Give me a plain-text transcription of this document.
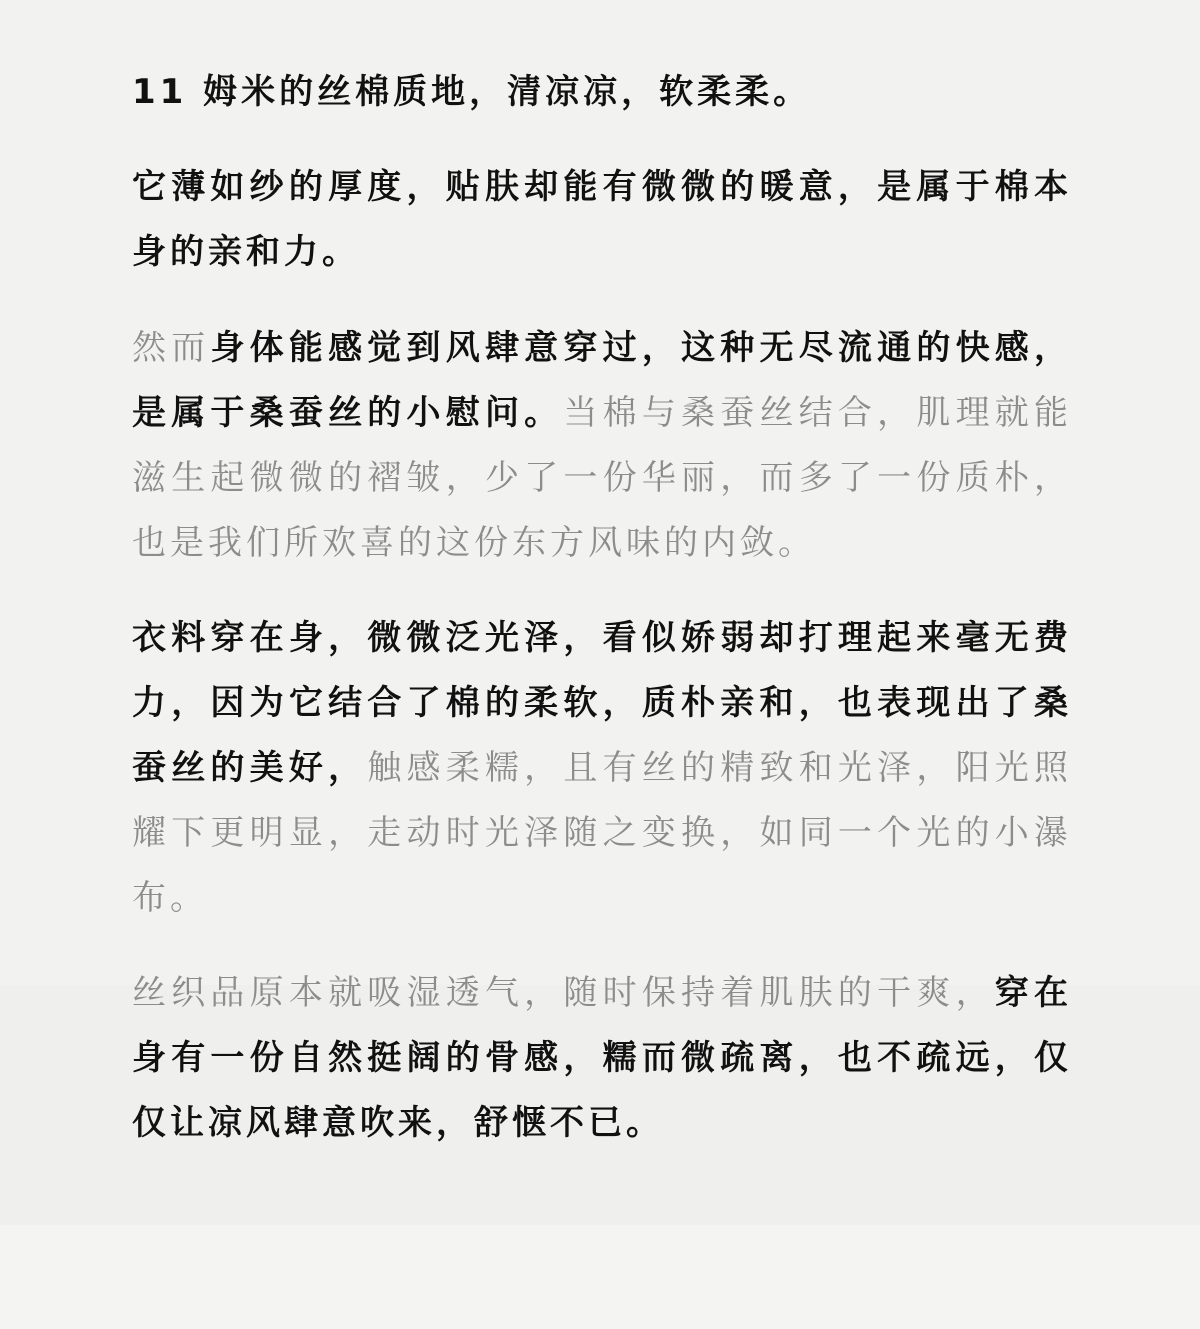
11 姆米的丝棉质地，清凉凉，软柔柔。

它薄如纱的厚度，贴肤却能有微微的暖意，是属于棉本身的亲和力。

然而身体能感觉到风肆意穿过，这种无尽流通的快感，是属于桑蚕丝的小慰问。当棉与桑蚕丝结合，肌理就能滋生起微微的褶皱，少了一份华丽，而多了一份质朴，也是我们所欢喜的这份东方风味的内敛。

衣料穿在身，微微泛光泽，看似娇弱却打理起来毫无费力，因为它结合了棉的柔软，质朴亲和，也表现出了桑蚕丝的美好，触感柔糯，且有丝的精致和光泽，阳光照耀下更明显，走动时光泽随之变换，如同一个光的小瀑布。

丝织品原本就吸湿透气，随时保持着肌肤的干爽，穿在身有一份自然挺阔的骨感，糯而微疏离，也不疏远，仅仅让凉风肆意吹来，舒惬不已。
